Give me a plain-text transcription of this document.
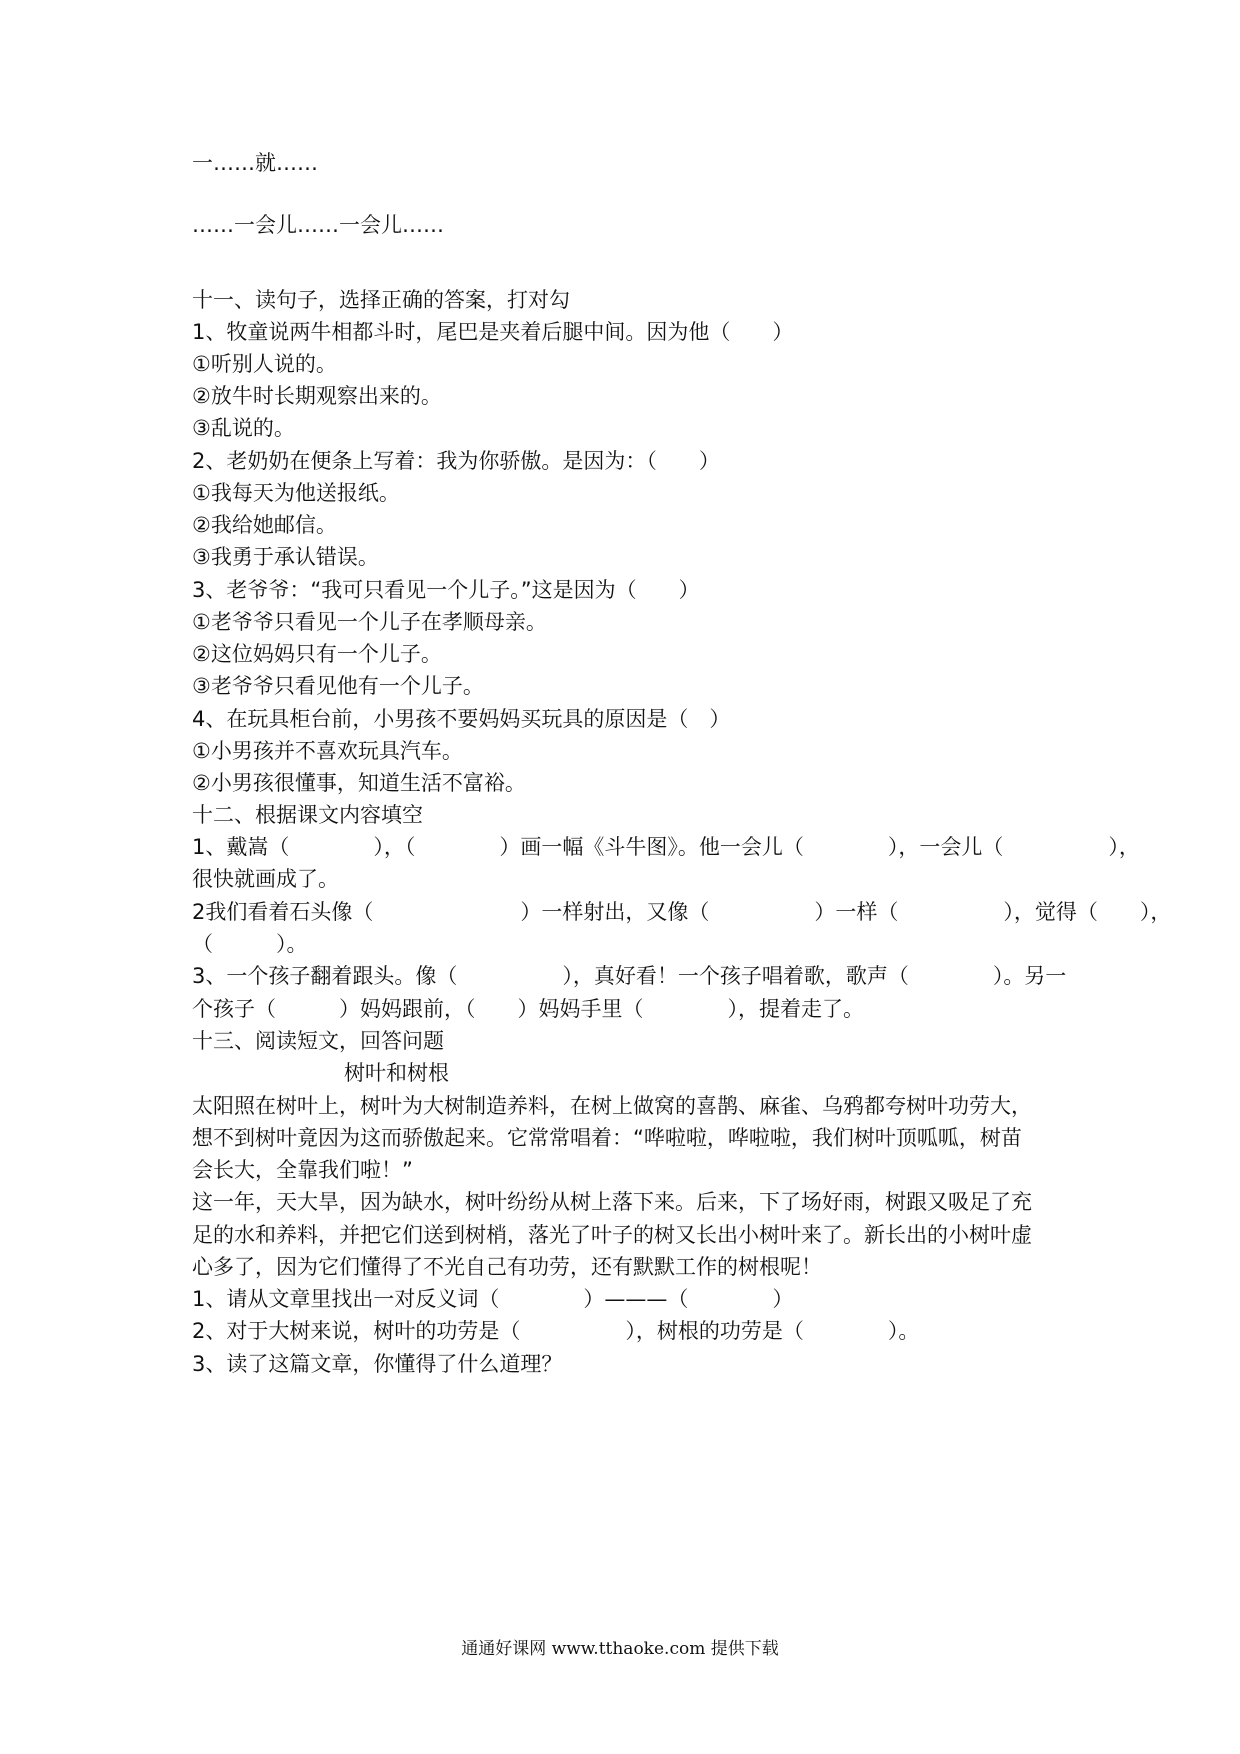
一……就……
……一会儿……一会儿……
十一、读句子，选择正确的答案，打对勾
1、牧童说两牛相都斗时，尾巴是夹着后腿中间。因为他（　　）
①听别人说的。
②放牛时长期观察出来的。
③乱说的。
2、老奶奶在便条上写着：我为你骄傲。是因为：（　　）
①我每天为他送报纸。
②我给她邮信。
③我勇于承认错误。
3、老爷爷：“我可只看见一个儿子。”这是因为（　　）
①老爷爷只看见一个儿子在孝顺母亲。
②这位妈妈只有一个儿子。
③老爷爷只看见他有一个儿子。
4、在玩具柜台前，小男孩不要妈妈买玩具的原因是（　）
①小男孩并不喜欢玩具汽车。
②小男孩很懂事，知道生活不富裕。
十二、根据课文内容填空
1、戴嵩（　　　　），（　　　　）画一幅《斗牛图》。他一会儿（　　　　），一会儿（　　　　　），
很快就画成了。
2我们看着石头像（　　　　　　　）一样射出，又像（　　　　　）一样（　　　　　），觉得（　　），
（　　　）。
3、一个孩子翻着跟头。像（　　　　　），真好看！一个孩子唱着歌，歌声（　　　　）。另一
个孩子（　　　）妈妈跟前，（　　）妈妈手里（　　　　），提着走了。
十三、阅读短文，回答问题
树叶和树根
太阳照在树叶上，树叶为大树制造养料，在树上做窝的喜鹊、麻雀、乌鸦都夸树叶功劳大，
想不到树叶竟因为这而骄傲起来。它常常唱着：“哗啦啦，哗啦啦，我们树叶顶呱呱，树苗
会长大，全靠我们啦！”
这一年，天大旱，因为缺水，树叶纷纷从树上落下来。后来，下了场好雨，树跟又吸足了充
足的水和养料，并把它们送到树梢，落光了叶子的树又长出小树叶来了。新长出的小树叶虚
心多了，因为它们懂得了不光自己有功劳，还有默默工作的树根呢！
1、请从文章里找出一对反义词（　　　　）———（　　　　）
2、对于大树来说，树叶的功劳是（　　　　　），树根的功劳是（　　　　）。
3、读了这篇文章，你懂得了什么道理？
通通好课网 www.tthaoke.com 提供下载
